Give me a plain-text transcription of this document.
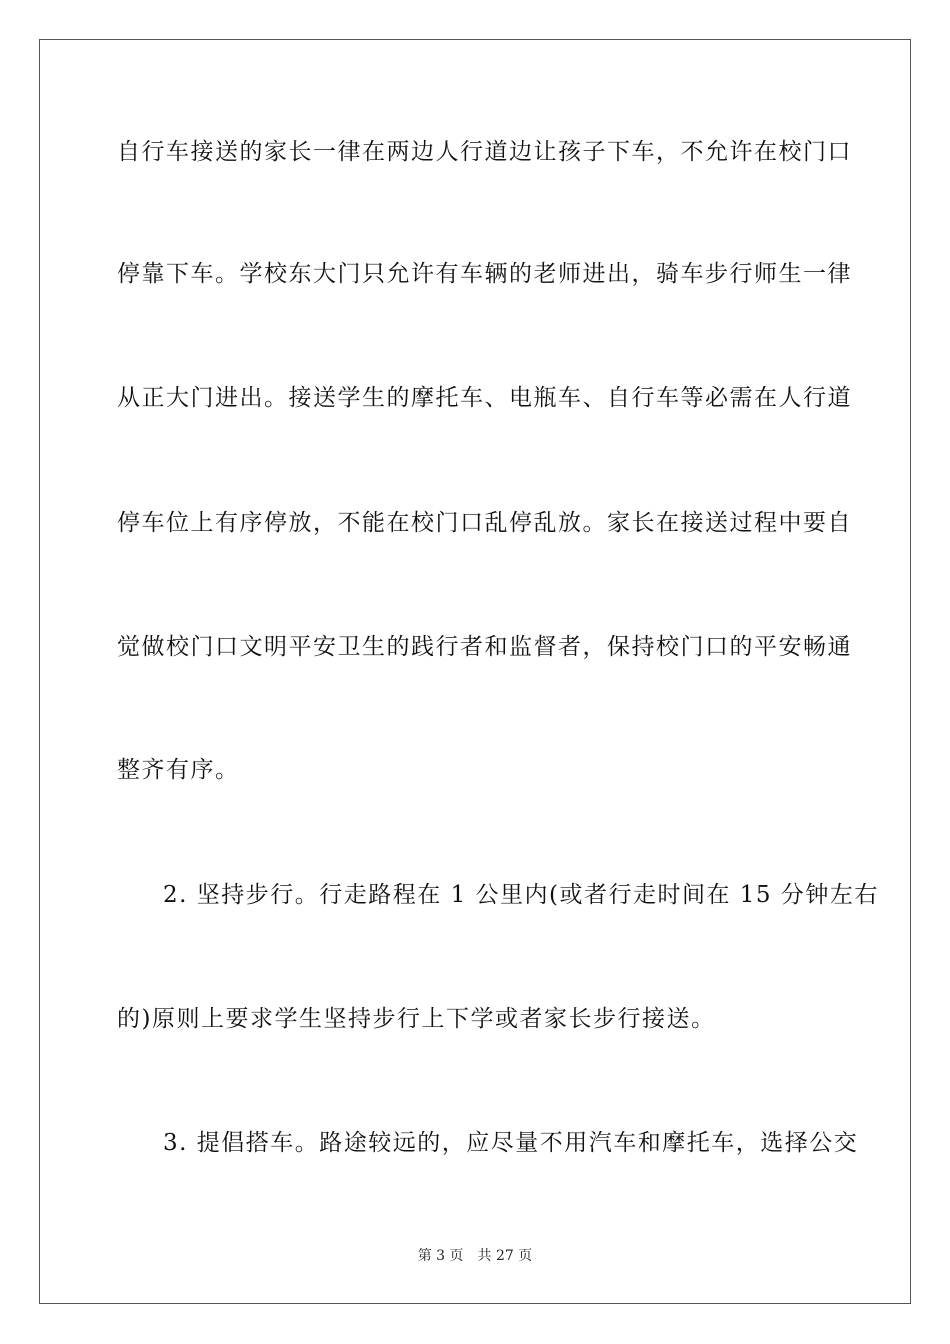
自行车接送的家长一律在两边人行道边让孩子下车，不允许在校门口
停靠下车。学校东大门只允许有车辆的老师进出，骑车步行师生一律
从正大门进出。接送学生的摩托车、电瓶车、自行车等必需在人行道
停车位上有序停放，不能在校门口乱停乱放。家长在接送过程中要自
觉做校门口文明平安卫生的践行者和监督者，保持校门口的平安畅通
整齐有序。
2. 坚持步行。行走路程在 1 公里内(或者行走时间在 15 分钟左右
的)原则上要求学生坚持步行上下学或者家长步行接送。
3. 提倡搭车。路途较远的，应尽量不用汽车和摩托车，选择公交
第 3 页 共 27 页
